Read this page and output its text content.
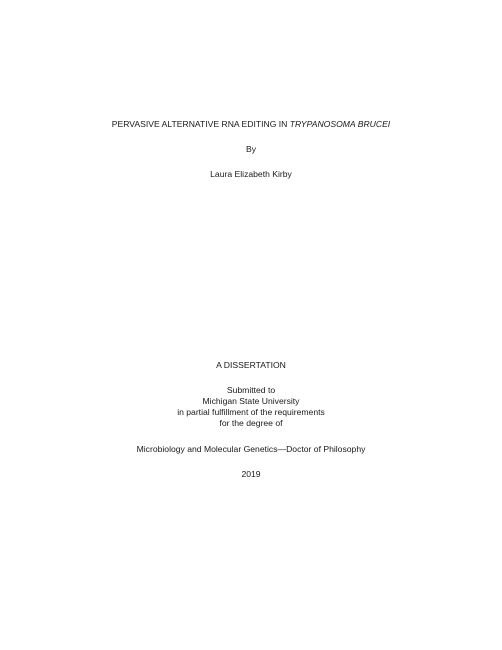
PERVASIVE ALTERNATIVE RNA EDITING IN TRYPANOSOMA BRUCEI
By
Laura Elizabeth Kirby
A DISSERTATION
Submitted to
Michigan State University
in partial fulfillment of the requirements
for the degree of
Microbiology and Molecular Genetics—Doctor of Philosophy
2019
